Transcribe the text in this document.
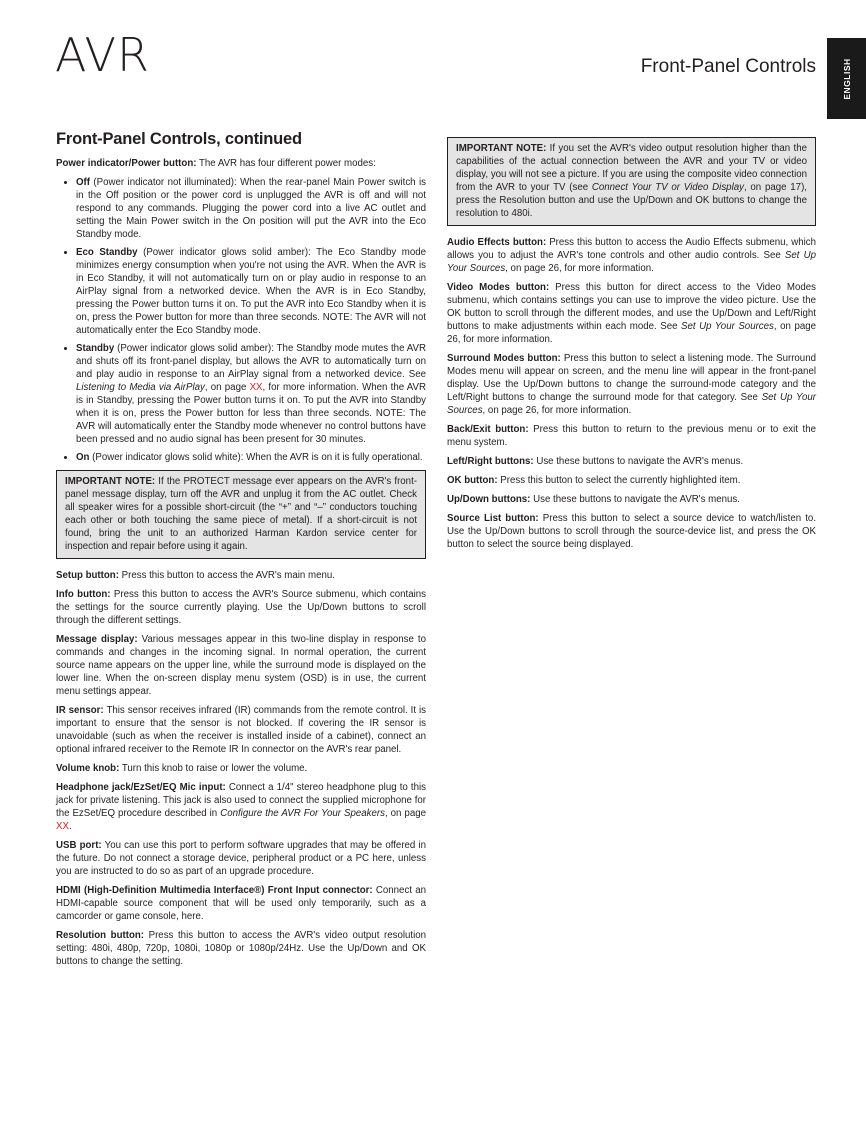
AVR	Front-Panel Controls	ENGLISH
Front-Panel Controls, continued

Power indicator/Power button: The AVR has four different power modes:

• Off (Power indicator not illuminated): When the rear-panel Main Power switch is in the Off position or the power cord is unplugged the AVR is off and will not respond to any commands. Plugging the power cord into a live AC outlet and setting the Main Power switch in the On position will put the AVR into the Eco Standby mode.
• Eco Standby (Power indicator glows solid amber): The Eco Standby mode minimizes energy consumption when you're not using the AVR. When the AVR is in Eco Standby, it will not automatically turn on or play audio in response to an AirPlay signal from a networked device. When the AVR is in Eco Standby, pressing the Power button turns it on. To put the AVR into Eco Standby when it is on, press the Power button for more than three seconds. NOTE: The AVR will not automatically enter the Eco Standby mode.
• Standby (Power indicator glows solid amber): The Standby mode mutes the AVR and shuts off its front-panel display, but allows the AVR to automatically turn on and play audio in response to an AirPlay signal from a networked device. See Listening to Media via AirPlay, on page XX, for more information. When the AVR is in Standby, pressing the Power button turns it on. To put the AVR into Standby when it is on, press the Power button for less than three seconds. NOTE: The AVR will automatically enter the Standby mode whenever no control buttons have been pressed and no audio signal has been present for 30 minutes.
• On (Power indicator glows solid white): When the AVR is on it is fully operational.

IMPORTANT NOTE: If the PROTECT message ever appears on the AVR's front-panel message display, turn off the AVR and unplug it from the AC outlet. Check all speaker wires for a possible short-circuit (the “+” and “–” conductors touching each other or both touching the same piece of metal). If a short-circuit is not found, bring the unit to an authorized Harman Kardon service center for inspection and repair before using it again.

Setup button: Press this button to access the AVR's main menu.

Info button: Press this button to access the AVR's Source submenu, which contains the settings for the source currently playing. Use the Up/Down buttons to scroll through the different settings.

Message display: Various messages appear in this two-line display in response to commands and changes in the incoming signal. In normal operation, the current source name appears on the upper line, while the surround mode is displayed on the lower line. When the on-screen display menu system (OSD) is in use, the current menu settings appear.

IR sensor: This sensor receives infrared (IR) commands from the remote control. It is important to ensure that the sensor is not blocked. If covering the IR sensor is unavoidable (such as when the receiver is installed inside of a cabinet), connect an optional infrared receiver to the Remote IR In connector on the AVR's rear panel.

Volume knob: Turn this knob to raise or lower the volume.

Headphone jack/EzSet/EQ Mic input: Connect a 1/4" stereo headphone plug to this jack for private listening. This jack is also used to connect the supplied microphone for the EzSet/EQ procedure described in Configure the AVR For Your Speakers, on page XX.

USB port: You can use this port to perform software upgrades that may be offered in the future. Do not connect a storage device, peripheral product or a PC here, unless you are instructed to do so as part of an upgrade procedure.

HDMI (High-Definition Multimedia Interface®) Front Input connector: Connect an HDMI-capable source component that will be used only temporarily, such as a camcorder or game console, here.

Resolution button: Press this button to access the AVR's video output resolution setting: 480i, 480p, 720p, 1080i, 1080p or 1080p/24Hz. Use the Up/Down and OK buttons to change the setting.

IMPORTANT NOTE: If you set the AVR's video output resolution higher than the capabilities of the actual connection between the AVR and your TV or video display, you will not see a picture. If you are using the composite video connection from the AVR to your TV (see Connect Your TV or Video Display, on page 17), press the Resolution button and use the Up/Down and OK buttons to change the resolution to 480i.

Audio Effects button: Press this button to access the Audio Effects submenu, which allows you to adjust the AVR's tone controls and other audio controls. See Set Up Your Sources, on page 26, for more information.

Video Modes button: Press this button for direct access to the Video Modes submenu, which contains settings you can use to improve the video picture. Use the OK button to scroll through the different modes, and use the Up/Down and Left/Right buttons to make adjustments within each mode. See Set Up Your Sources, on page 26, for more information.

Surround Modes button: Press this button to select a listening mode. The Surround Modes menu will appear on screen, and the menu line will appear in the front-panel display. Use the Up/Down buttons to change the surround-mode category and the Left/Right buttons to change the surround mode for that category. See Set Up Your Sources, on page 26, for more information.

Back/Exit button: Press this button to return to the previous menu or to exit the menu system.

Left/Right buttons: Use these buttons to navigate the AVR's menus.

OK button: Press this button to select the currently highlighted item.

Up/Down buttons: Use these buttons to navigate the AVR's menus.

Source List button: Press this button to select a source device to watch/listen to. Use the Up/Down buttons to scroll through the source-device list, and press the OK button to select the source being displayed.
